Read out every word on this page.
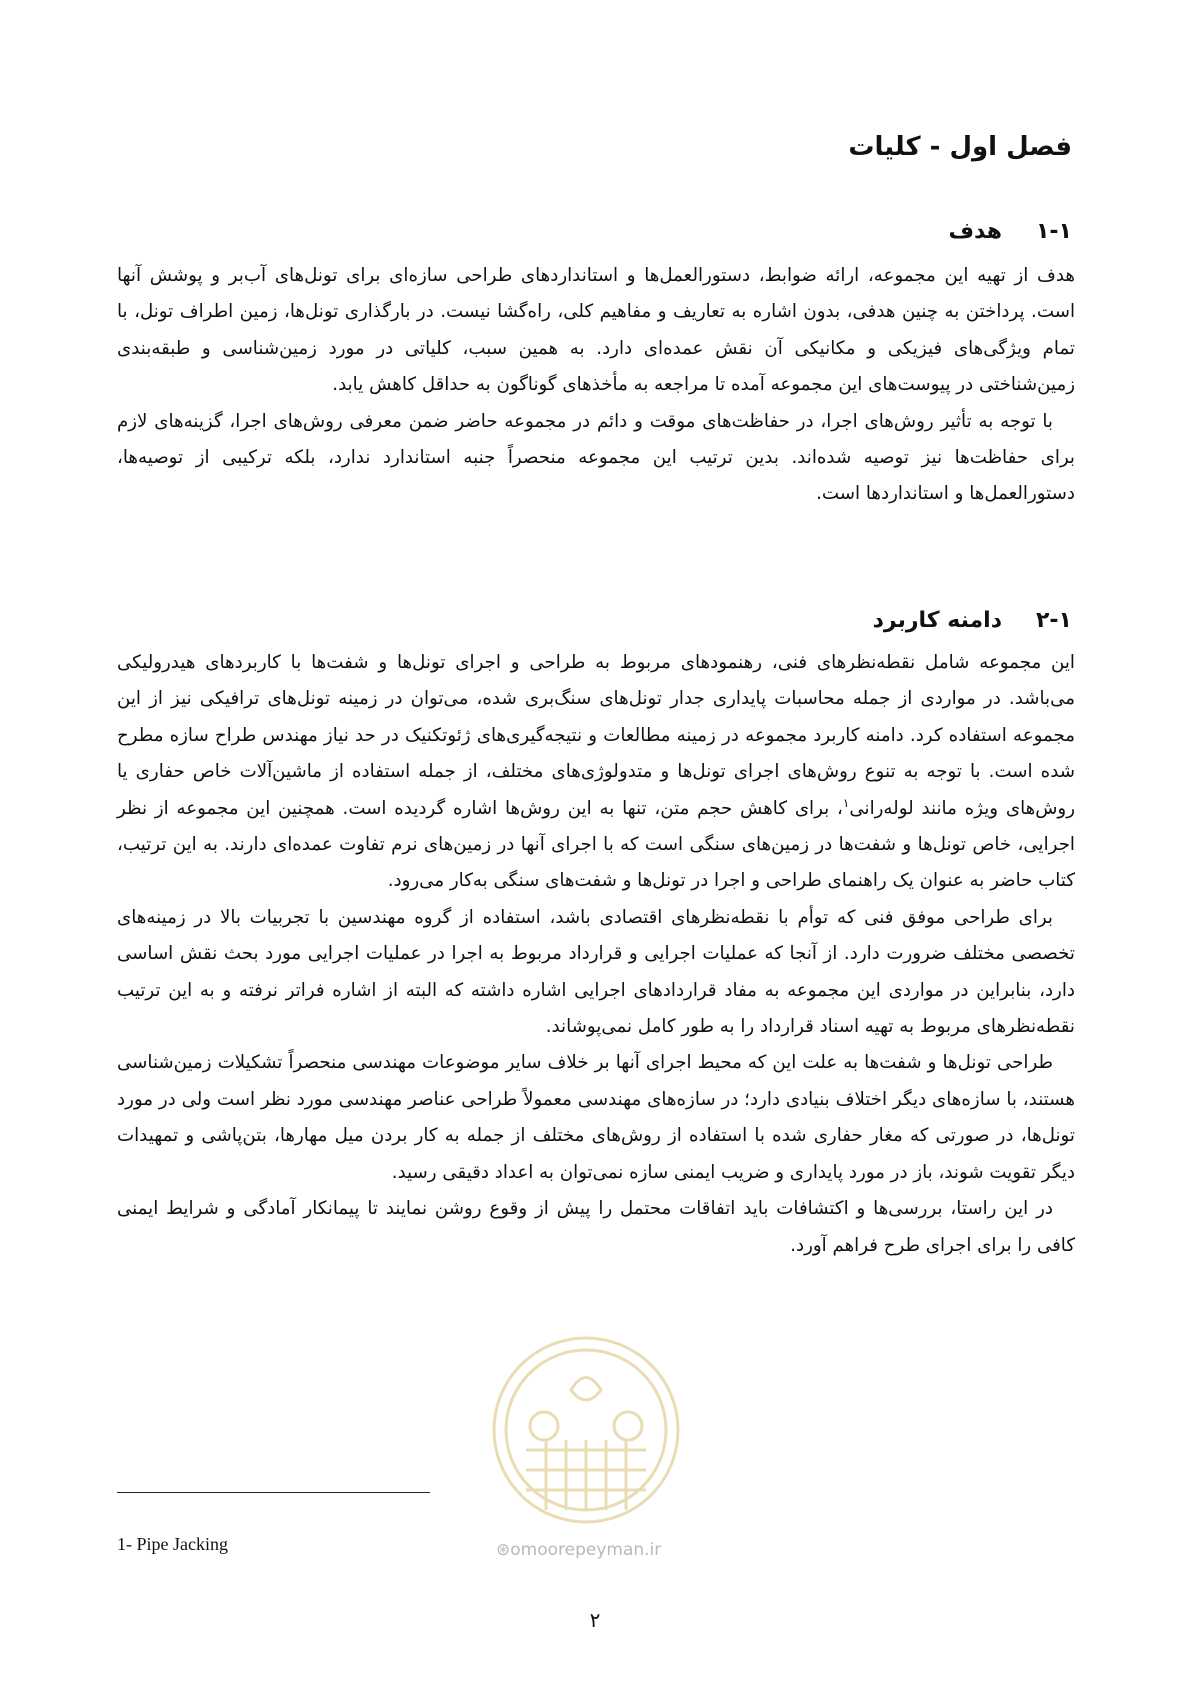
فصل اول - کلیات
۱-۱
هدف

هدف از تهیه این مجموعه، ارائه ضوابط، دستورالعمل‌ها و استانداردهای طراحی سازه‌ای برای تونل‌های آب‌بر و پوشش آنها است. پرداختن به چنین هدفی، بدون اشاره به تعاریف و مفاهیم کلی، راه‌گشا نیست. در بارگذاری تونل‌ها، زمین اطراف تونل، با تمام ویژگی‌های فیزیکی و مکانیکی آن نقش عمده‌ای دارد. به همین سبب، کلیاتی در مورد زمین‌شناسی و طبقه‌بندی زمین‌شناختی در پیوست‌های این مجموعه آمده تا مراجعه به مأخذهای گوناگون به حداقل کاهش یابد.

با توجه به تأثیر روش‌های اجرا، در حفاظت‌های موقت و دائم در مجموعه حاضر ضمن معرفی روش‌های اجرا، گزینه‌های لازم برای حفاظت‌ها نیز توصیه شده‌اند. بدین ترتیب این مجموعه منحصراً جنبه استاندارد ندارد، بلکه ترکیبی از توصیه‌ها، دستورالعمل‌ها و استانداردها است.

۲-۱
دامنه کاربرد

این مجموعه شامل نقطه‌نظرهای فنی، رهنمودهای مربوط به طراحی و اجرای تونل‌ها و شفت‌ها با کاربردهای هیدرولیکی می‌باشد. در مواردی از جمله محاسبات پایداری جدار تونل‌های سنگ‌بری شده، می‌توان در زمینه تونل‌های ترافیکی نیز از این مجموعه استفاده کرد. دامنه کاربرد مجموعه در زمینه مطالعات و نتیجه‌گیری‌های ژئوتکنیک در حد نیاز مهندس طراح سازه مطرح شده است. با توجه به تنوع روش‌های اجرای تونل‌ها و متدولوژی‌های مختلف، از جمله استفاده از ماشین‌آلات خاص حفاری یا روش‌های ویژه مانند لوله‌رانی$^۱$، برای کاهش حجم متن، تنها به این روش‌ها اشاره گردیده است. همچنین این مجموعه از نظر اجرایی، خاص تونل‌ها و شفت‌ها در زمین‌های سنگی است که با اجرای آنها در زمین‌های نرم تفاوت عمده‌ای دارند. به این ترتیب، کتاب حاضر به عنوان یک راهنمای طراحی و اجرا در تونل‌ها و شفت‌های سنگی به‌کار می‌رود.

برای طراحی موفق فنی که توأم با نقطه‌نظرهای اقتصادی باشد، استفاده از گروه مهندسین با تجربیات بالا در زمینه‌های تخصصی مختلف ضرورت دارد. از آنجا که عملیات اجرایی و قرارداد مربوط به اجرا در عملیات اجرایی مورد بحث نقش اساسی دارد، بنابراین در مواردی این مجموعه به مفاد قراردادهای اجرایی اشاره داشته که البته از اشاره فراتر نرفته و به این ترتیب نقطه‌نظرهای مربوط به تهیه اسناد قرارداد را به طور کامل نمی‌پوشاند.

طراحی تونل‌ها و شفت‌ها به علت این که محیط اجرای آنها بر خلاف سایر موضوعات مهندسی منحصراً تشکیلات زمین‌شناسی هستند، با سازه‌های دیگر اختلاف بنیادی دارد؛ در سازه‌های مهندسی معمولاً طراحی عناصر مهندسی مورد نظر است ولی در مورد تونل‌ها، در صورتی که مغار حفاری شده با استفاده از روش‌های مختلف از جمله به کار بردن میل مهارها، بتن‌پاشی و تمهیدات دیگر تقویت شوند، باز در مورد پایداری و ضریب ایمنی سازه نمی‌توان به اعداد دقیقی رسید.

در این راستا، بررسی‌ها و اکتشافات باید اتفاقات محتمل را پیش از وقوع روشن نمایند تا پیمانکار آمادگی و شرایط ایمنی کافی را برای اجرای طرح فراهم آورد.

⊛omoorepeyman.ir
1- Pipe Jacking
۲
